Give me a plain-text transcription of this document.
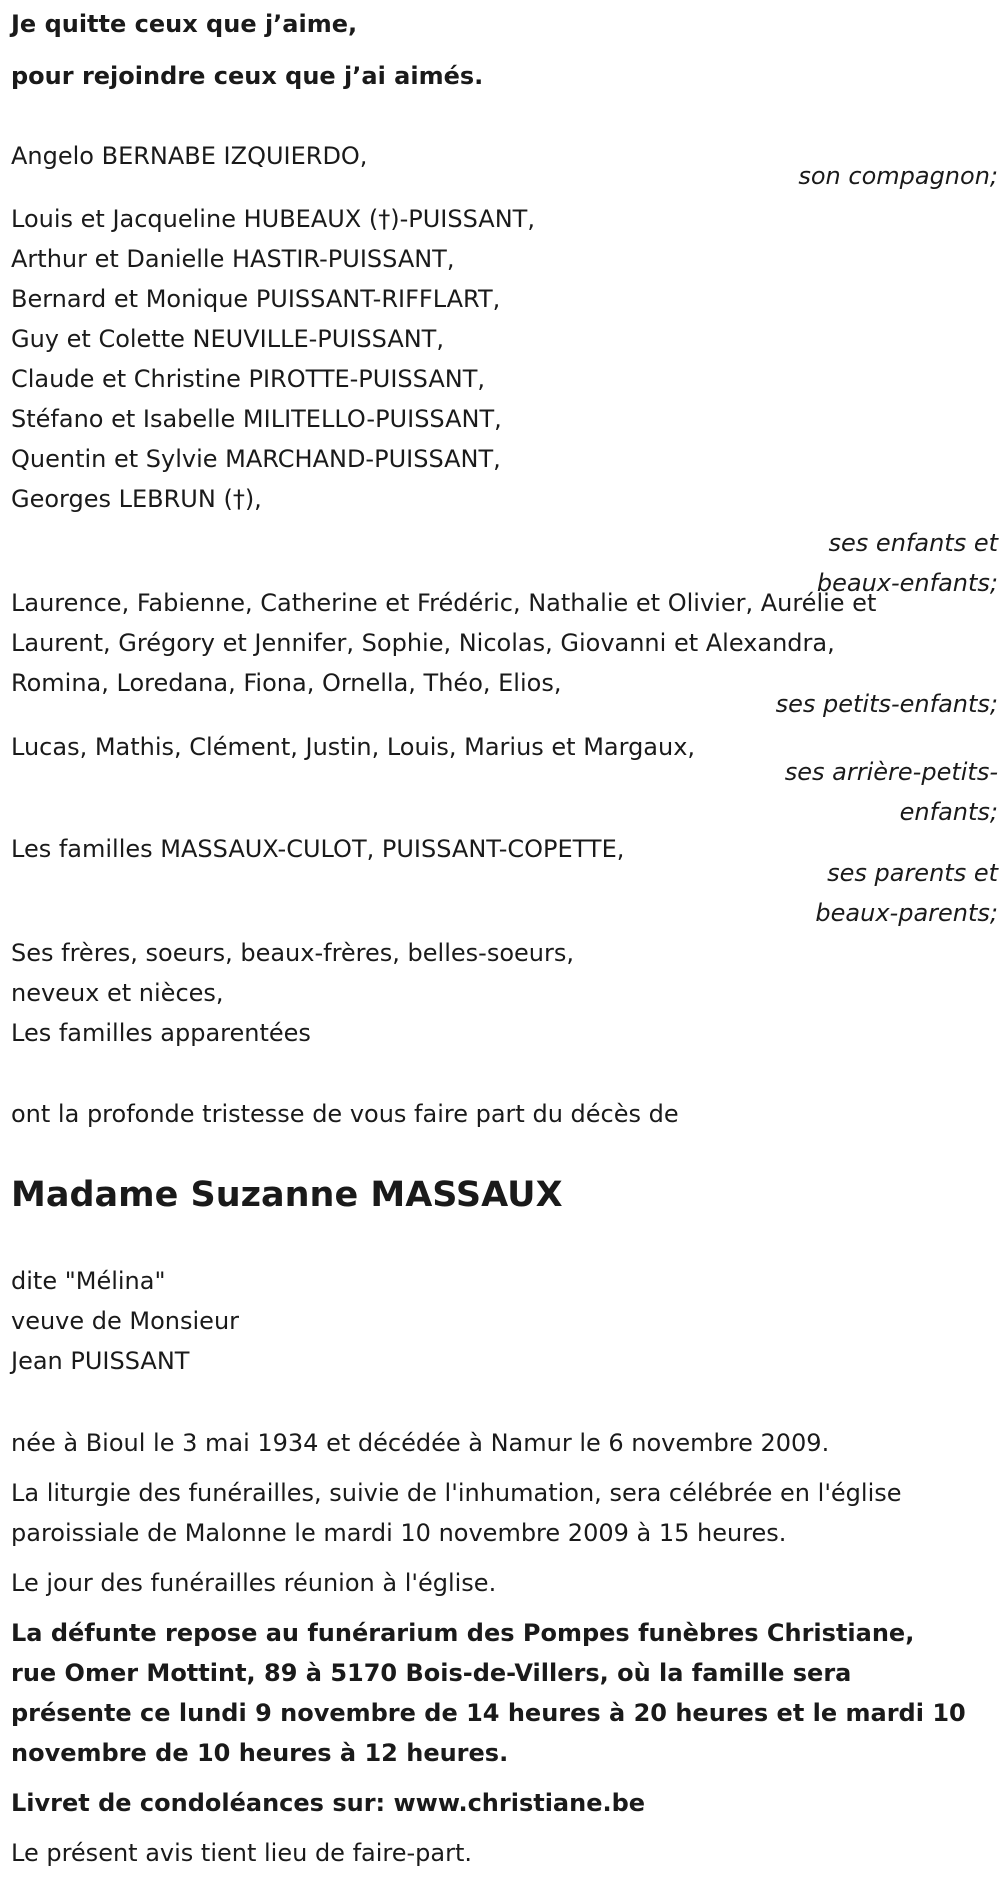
Je quitte ceux que j’aime,
pour rejoindre ceux que j’ai aimés.
Angelo BERNABE IZQUIERDO,
son compagnon;
Louis et Jacqueline HUBEAUX (†)-PUISSANT,
Arthur et Danielle HASTIR-PUISSANT,
Bernard et Monique PUISSANT-RIFFLART,
Guy et Colette NEUVILLE-PUISSANT,
Claude et Christine PIROTTE-PUISSANT,
Stéfano et Isabelle MILITELLO-PUISSANT,
Quentin et Sylvie MARCHAND-PUISSANT,
Georges LEBRUN (†),
ses enfants et
beaux-enfants;
Laurence, Fabienne, Catherine et Frédéric, Nathalie et Olivier, Aurélie et
Laurent, Grégory et Jennifer, Sophie, Nicolas, Giovanni et Alexandra,
Romina, Loredana, Fiona, Ornella, Théo, Elios,
ses petits-enfants;
Lucas, Mathis, Clément, Justin, Louis, Marius et Margaux,
ses arrière-petits-
enfants;
Les familles MASSAUX-CULOT, PUISSANT-COPETTE,
ses parents et
beaux-parents;
Ses frères, soeurs, beaux-frères, belles-soeurs,
neveux et nièces,
Les familles apparentées
ont la profonde tristesse de vous faire part du décès de
Madame Suzanne MASSAUX
dite "Mélina"
veuve de Monsieur
Jean PUISSANT
née à Bioul le 3 mai 1934 et décédée à Namur le 6 novembre 2009.
La liturgie des funérailles, suivie de l'inhumation, sera célébrée en l'église
paroissiale de Malonne le mardi 10 novembre 2009 à 15 heures.
Le jour des funérailles réunion à l'église.
La défunte repose au funérarium des Pompes funèbres Christiane,
rue Omer Mottint, 89 à 5170 Bois-de-Villers, où la famille sera
présente ce lundi 9 novembre de 14 heures à 20 heures et le mardi 10
novembre de 10 heures à 12 heures.
Livret de condoléances sur: www.christiane.be
Le présent avis tient lieu de faire-part.
